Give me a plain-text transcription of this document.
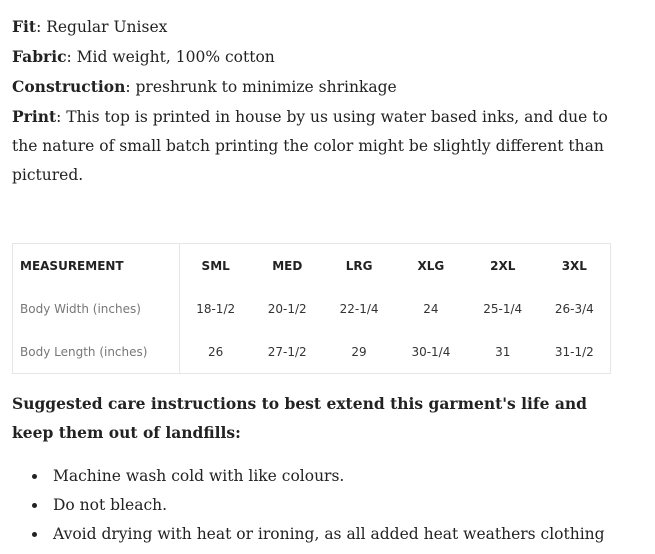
Fit: Regular Unisex

Fabric: Mid weight, 100% cotton

Construction: preshrunk to minimize shrinkage

Print: This top is printed in house by us using water based inks, and due to the nature of small batch printing the color might be slightly different than pictured.

MEASUREMENT	SML	MED	LRG	XLG	2XL	3XL
Body Width (inches)	18-1/2	20-1/2	22-1/4	24	25-1/4	26-3/4
Body Length (inches)	26	27-1/2	29	30-1/4	31	31-1/2

Suggested care instructions to best extend this garment's life and keep them out of landfills:

Machine wash cold with like colours.
Do not bleach.
Avoid drying with heat or ironing, as all added heat weathers clothing
